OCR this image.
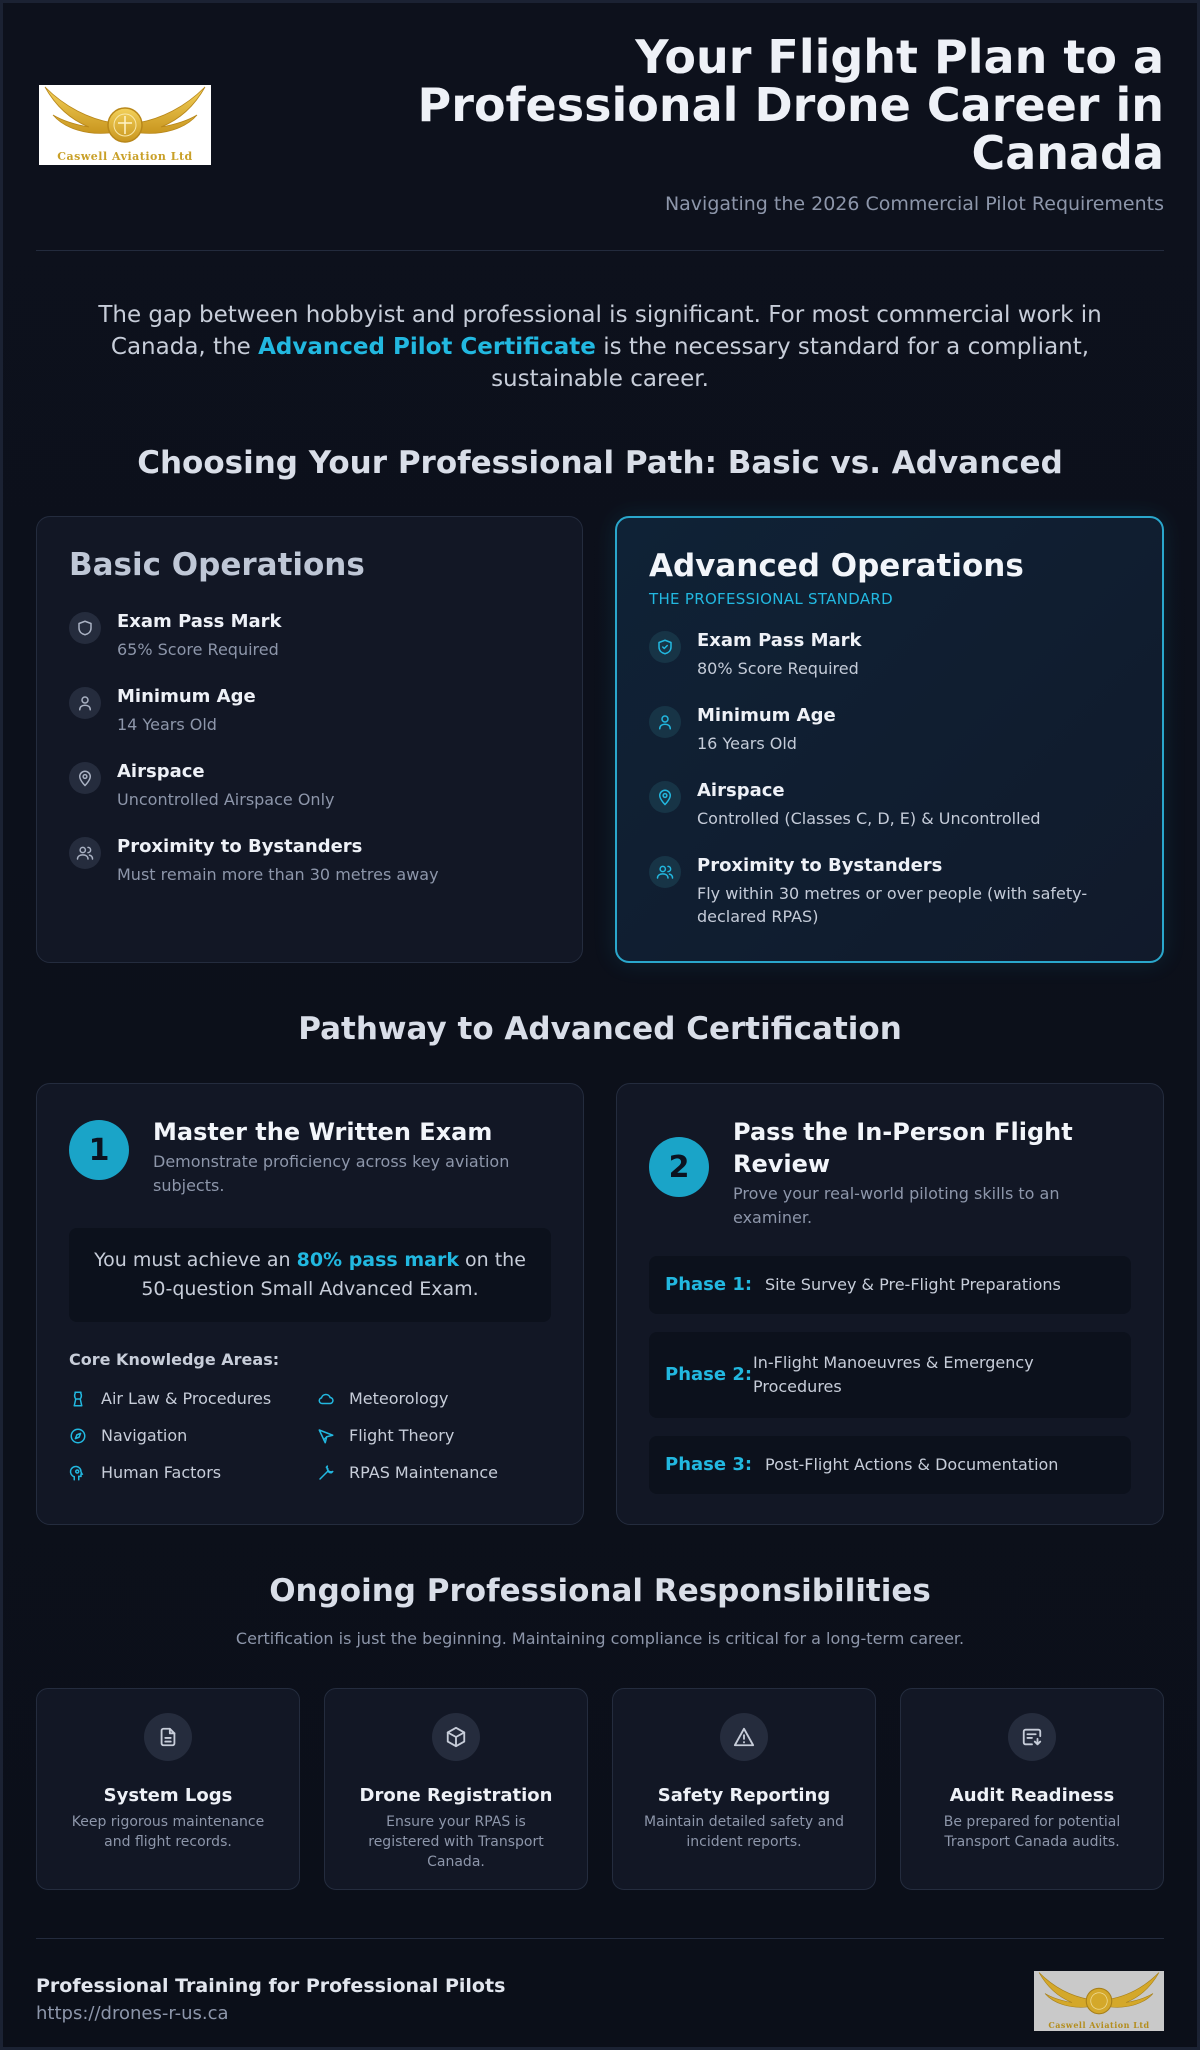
Caswell Aviation Ltd
Your Flight Plan to a Professional Drone Career in Canada
Navigating the 2026 Commercial Pilot Requirements

The gap between hobbyist and professional is significant. For most commercial work in Canada, the Advanced Pilot Certificate is the necessary standard for a compliant, sustainable career.

Choosing Your Professional Path: Basic vs. Advanced
Basic Operations
Exam Pass Mark
65% Score Required
Minimum Age
14 Years Old
Airspace
Uncontrolled Airspace Only
Proximity to Bystanders
Must remain more than 30 metres away
Advanced Operations
THE PROFESSIONAL STANDARD
Exam Pass Mark
80% Score Required
Minimum Age
16 Years Old
Airspace
Controlled (Classes C, D, E) & Uncontrolled
Proximity to Bystanders
Fly within 30 metres or over people (with safety-declared RPAS)
Pathway to Advanced Certification
1
Master the Written Exam

Demonstrate proficiency across key aviation subjects.

You must achieve an 80% pass mark on the 50-question Small Advanced Exam.
Core Knowledge Areas:
Air Law & Procedures	Meteorology
Navigation	Flight Theory
Human Factors	RPAS Maintenance
2
Pass the In-Person Flight Review

Prove your real-world piloting skills to an examiner.

Phase 1: Site Survey & Pre-Flight Preparations
Phase 2:
In-Flight Manoeuvres & Emergency Procedures
Phase 3: Post-Flight Actions & Documentation
Ongoing Professional Responsibilities

Certification is just the beginning. Maintaining compliance is critical for a long-term career.

System Logs

Keep rigorous maintenance and flight records.

Drone Registration

Ensure your RPAS is registered with Transport Canada.

Safety Reporting

Maintain detailed safety and incident reports.

Audit Readiness

Be prepared for potential Transport Canada audits.

Professional Training for Professional Pilots
https://drones-r-us.ca
Caswell Aviation Ltd
